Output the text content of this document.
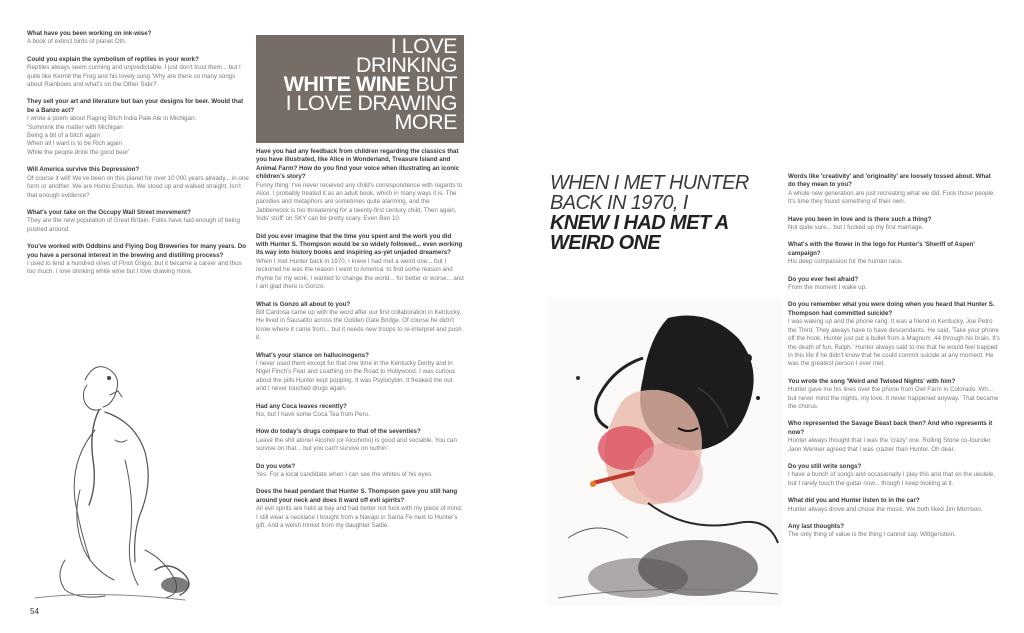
What have you been working on ink-wise?
A book of extinct birds of planet Oth.
Could you explain the symbolism of reptiles in your work?
Reptiles always seem cunning and unpredictable. I just don't trust them... but I quite like Kermit the Frog and his lovely song 'Why are there so many songs about Rainbows and what's on the Other Side?'
They sell your art and literature but ban your designs for beer. Would that be a Banzo act?
I wrote a poem about Raging Bitch India Pale Ale in Michigan:
'Summink the matter with Michigan
Being a bit of a bitch again
When all I want is to be Rich again
While the people drink the good beer'
Will America survive this Depression?
Of course it will! We've been on this planet for over 10 000 years already... in one form or another. We are Homo Erectus. We stood up and walked straight. Isn't that enough evidence?
What's your take on the Occupy Wall Street movement?
They are the new population of Great Britain. Folks have had enough of being pushed around.
You've worked with Oddbins and Flying Dog Breweries for many years. Do you have a personal interest in the brewing and distilling process?
I used to tend a hundred vines of Pinot Grigio, but it became a career and thus too much. I love drinking white wine but I love drawing more.
54
I LOVE
DRINKING
WHITE WINE BUT
I LOVE DRAWING
MORE
Have you had any feedback from children regarding the classics that you have illustrated, like Alice in Wonderland, Treasure Island and Animal Farm? How do you find your voice when illustrating an iconic children's story?
Funny thing: I've never received any child's correspondence with regards to Alice. I probably treated it as an adult book, which in many ways it is. The parodies and metaphors are sometimes quite alarming, and the Jabberwock is too threatening for a twenty-first century child. Then again, 'kids' stuff' on SKY can be pretty scary. Even Ben 10.
Did you ever imagine that the time you spent and the work you did with Hunter S. Thompson would be so widely followed... even working its way into history books and inspiring as-yet unjaded dreamers?
When I met Hunter back in 1970, I knew I had met a weird one... but I reckoned he was the reason I went to America: to find some reason and rhyme for my work. I wanted to change the world... for better or worse... and I am glad there is Gonzo.
What is Gonzo all about to you?
Bill Cardosa came up with the word after our first collaboration in Kentucky. He lived in Sausalito across the Golden Gate Bridge. Of course he didn't know where it came from... but it needs new troops to re-interpret and push it.
What's your stance on hallucinogens?
I never used them except for that one time in the Kentucky Derby and in Nigel Finch's Fear and Loathing on the Road to Hollywood. I was curious about the pills Hunter kept popping. It was Psylocybin. It freaked me out and I never touched drugs again.
Had any Coca leaves recently?
No, but I have some Coca Tea from Peru.
How do today's drugs compare to that of the seventies?
Leave the shit alone! Alcohol (or Alcohoho) is good and sociable. You can survive on that... but you can't survive on nuthin'.
Do you vote?
Yes. For a local candidate when I can see the whites of his eyes.
Does the head pendant that Hunter S. Thompson gave you still hang around your neck and does it ward off evil spirits?
All evil spirits are held at bay and had better not fuck with my piece of mind. I still wear a necklace I bought from a Navajo in Santa Fe next to Hunter's gift. And a welsh trinket from my daughter Sadie.
WHEN I MET HUNTER
BACK IN 1970, I
KNEW I HAD MET A
WEIRD ONE
Words like 'creativity' and 'originality' are loosely tossed about. What do they mean to you?
A whole new generation are just recreating what we did. Fuck those people. It's time they found something of their own.
Have you been in love and is there such a thing?
Not quite sure... but I fucked up my first marriage.
What's with the flower in the logo for Hunter's 'Sheriff of Aspen' campaign?
His deep compassion for the human race.
Do you ever feel afraid?
From the moment I wake up.
Do you remember what you were doing when you heard that Hunter S. Thompson had committed suicide?
I was waking up and the phone rang. It was a friend in Kentucky, Joe Petro the Third. They always have to have descendants. He said, 'Take your phone off the hook. Hunter just put a bullet from a Magnum .44 through his brain. It's the death of fun, Ralph.' Hunter always said to me that he would feel trapped in this life if he didn't know that he could commit suicide at any moment. He was the greatest person I ever met.
You wrote the song 'Weird and Twisted Nights' with him?
Hunter gave me his lines over the phone from Owl Farm in Colorado. Wh... but never mind the nights, my love. It never happened anyway.' That became the chorus.
Who represented the Savage Beast back then? And who represents it now?
Hunter always thought that I was the 'crazy' one. Rolling Stone co-founder Jann Wenner agreed that I was crazier than Hunter. Oh dear.
Do you still write songs?
I have a bunch of songs and occasionally I play this and that on the ukulele, but I rarely touch the guitar now... though I keep looking at it.
What did you and Hunter listen to in the car?
Hunter always drove and chose the music. We both liked Jim Morrison.
Any last thoughts?
The only thing of value is the thing I cannot say. Wittgenstein.
